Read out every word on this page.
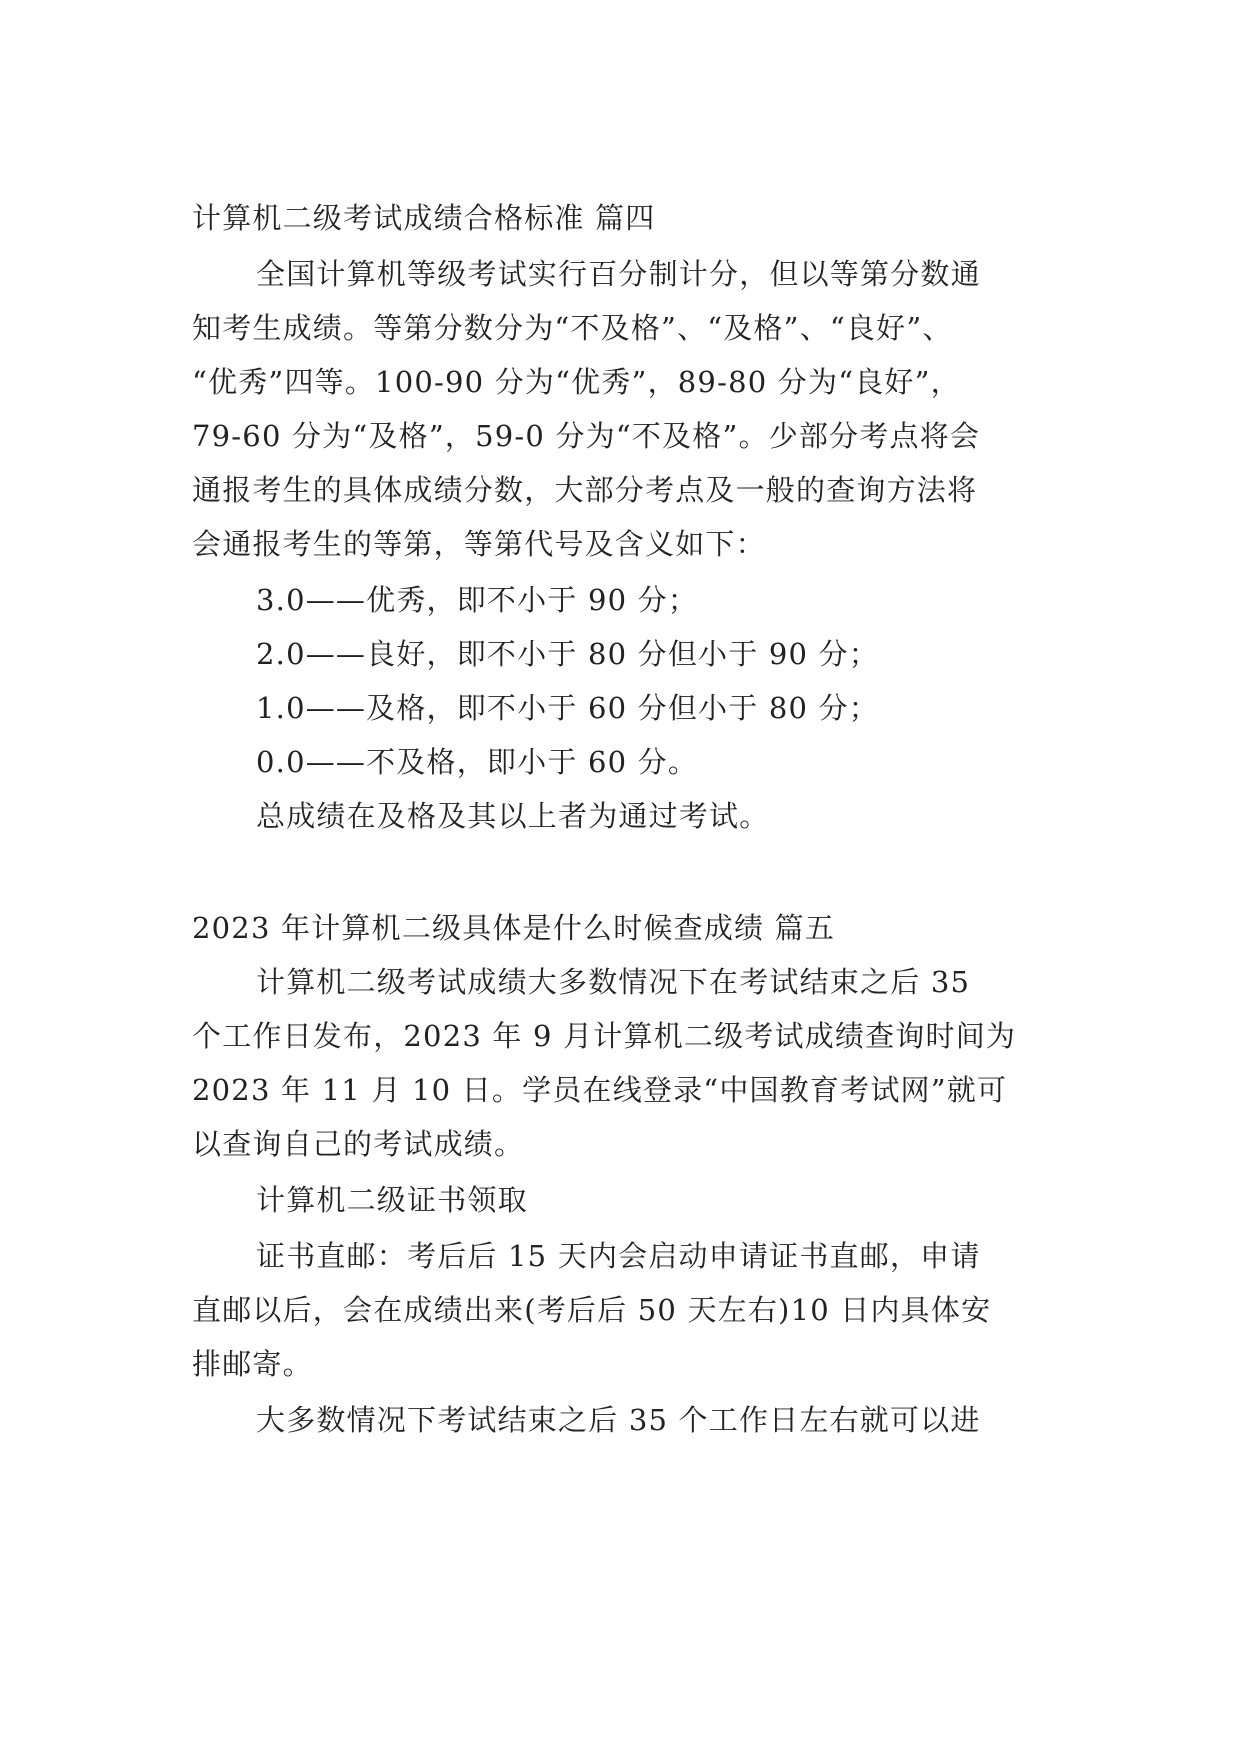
计算机二级考试成绩合格标准 篇四
全国计算机等级考试实行百分制计分，但以等第分数通
知考生成绩。等第分数分为“不及格”、“及格”、“良好”、
“优秀”四等。100-90 分为“优秀”，89-80 分为“良好”，
79-60 分为“及格”，59-0 分为“不及格”。少部分考点将会
通报考生的具体成绩分数，大部分考点及一般的查询方法将
会通报考生的等第，等第代号及含义如下：
3.0——优秀，即不小于 90 分；
2.0——良好，即不小于 80 分但小于 90 分；
1.0——及格，即不小于 60 分但小于 80 分；
0.0——不及格，即小于 60 分。
总成绩在及格及其以上者为通过考试。
2023 年计算机二级具体是什么时候查成绩 篇五
计算机二级考试成绩大多数情况下在考试结束之后 35
个工作日发布，2023 年 9 月计算机二级考试成绩查询时间为
2023 年 11 月 10 日。学员在线登录“中国教育考试网”就可
以查询自己的考试成绩。
计算机二级证书领取
证书直邮：考后后 15 天内会启动申请证书直邮，申请
直邮以后，会在成绩出来(考后后 50 天左右)10 日内具体安
排邮寄。
大多数情况下考试结束之后 35 个工作日左右就可以进
